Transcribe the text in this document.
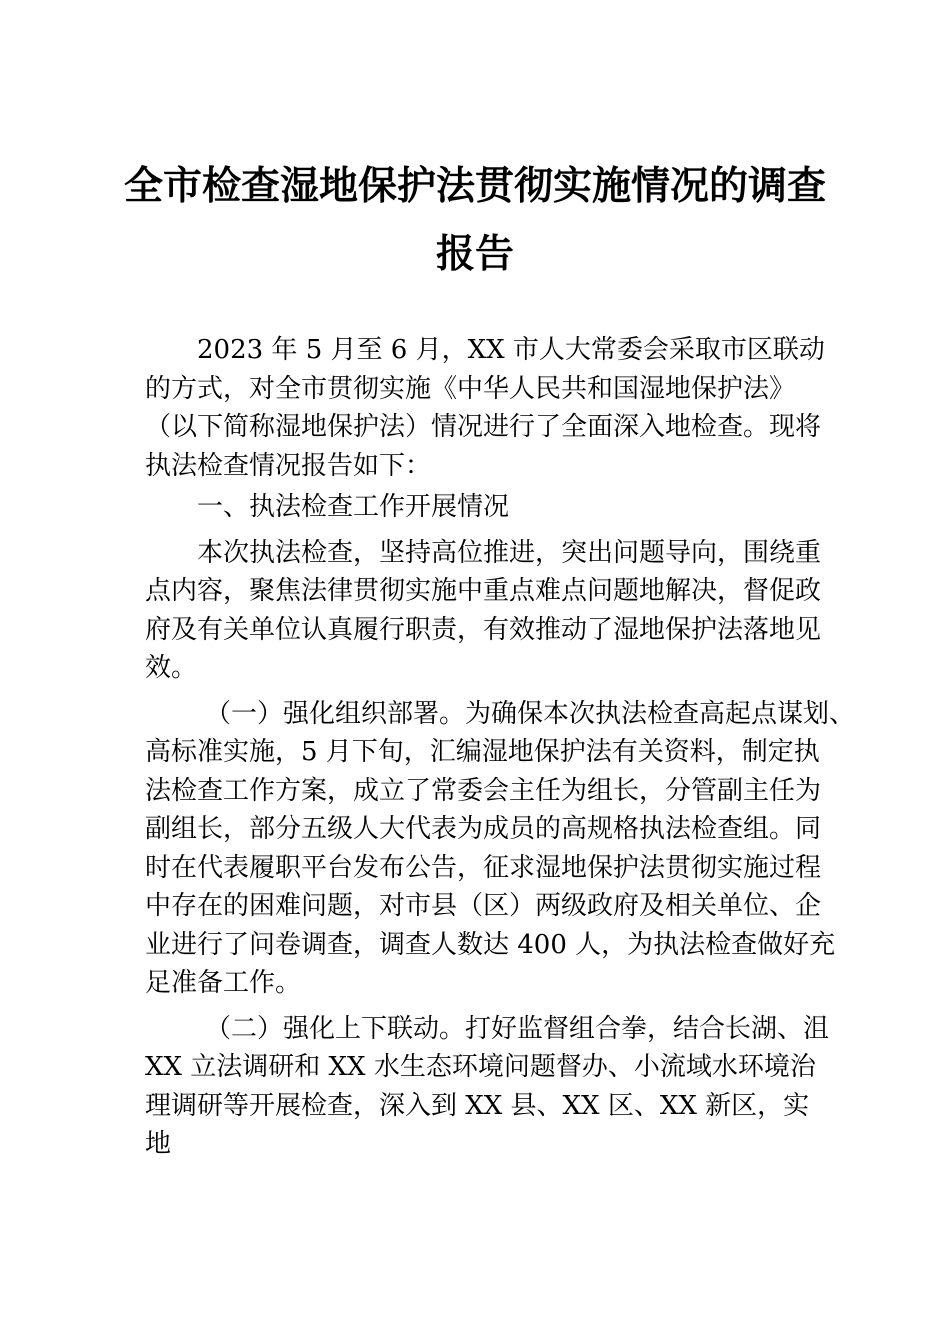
全市检查湿地保护法贯彻实施情况的调查
报告

2023 年 5 月至 6 月，XX 市人大常委会采取市区联动
的方式，对全市贯彻实施《中华人民共和国湿地保护法》
（以下简称湿地保护法）情况进行了全面深入地检查。现将
执法检查情况报告如下：

一、执法检查工作开展情况

本次执法检查，坚持高位推进，突出问题导向，围绕重
点内容，聚焦法律贯彻实施中重点难点问题地解决，督促政
府及有关单位认真履行职责，有效推动了湿地保护法落地见
效。

（一）强化组织部署。为确保本次执法检查高起点谋划、
高标准实施，5 月下旬，汇编湿地保护法有关资料，制定执
法检查工作方案，成立了常委会主任为组长，分管副主任为
副组长，部分五级人大代表为成员的高规格执法检查组。同
时在代表履职平台发布公告，征求湿地保护法贯彻实施过程
中存在的困难问题，对市县（区）两级政府及相关单位、企
业进行了问卷调查，调查人数达 400 人，为执法检查做好充
足准备工作。

（二）强化上下联动。打好监督组合拳，结合长湖、沮
XX 立法调研和 XX 水生态环境问题督办、小流域水环境治
理调研等开展检查，深入到 XX 县、XX 区、XX 新区，实
地
